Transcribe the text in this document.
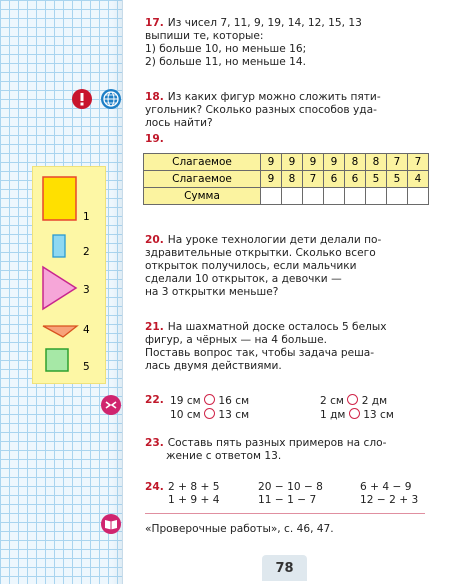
1
2
3
4
5
17. Из чисел 7, 11, 9, 19, 14, 12, 15, 13
выпиши те, которые:
1) больше 10, но меньше 16;
2) больше 11, но меньше 14.
18. Из каких фигур можно сложить пяти-
угольник? Сколько разных способов уда-
лось найти?
19.
Слагаемое	9	9	9	9	8	8	7	7
Слагаемое	9	8	7	6	6	5	5	4
Сумма								
20. На уроке технологии дети делали по-
здравительные открытки. Сколько всего
открыток получилось, если мальчики
сделали 10 открыток, а девочки —
на 3 открытки меньше?
21. На шахматной доске осталось 5 белых
фигур, а чёрных — на 4 больше.
Поставь вопрос так, чтобы задача реша-
лась двумя действиями.
22. 19 см 16 см
10 см 13 см
2 см 2 дм
1 дм 13 см
23. Составь пять разных примеров на сло-
жение с ответом 13.
24. 2 + 8 + 5
1 + 9 + 4
20 − 10 − 8
11 − 1 − 7
6 + 4 − 9
12 − 2 + 3
«Проверочные работы», с. 46, 47.
78
